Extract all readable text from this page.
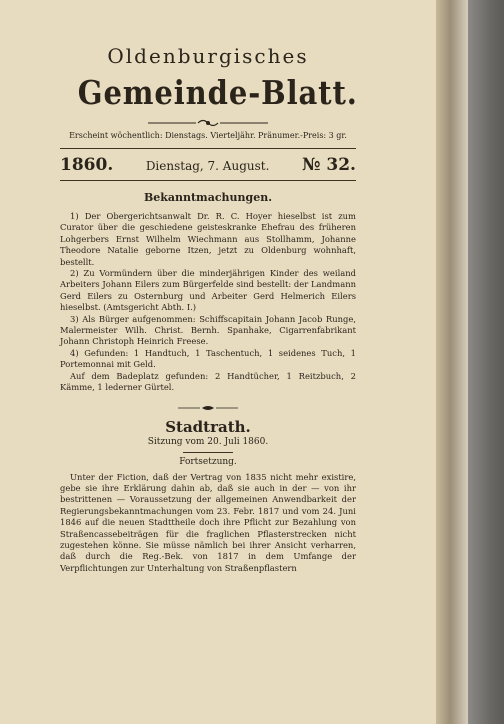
Oldenburgisches
Gemeinde-Blatt.
Erscheint wöchentlich: Dienstags. Vierteljähr. Pränumer.-Preis: 3 gr.
1860.	Dienstag, 7. August. № 32.
Bekanntmachungen.

1) Der Obergerichtsanwalt Dr. R. C. Hoyer hieselbst ist zum Curator über die geschiedene geisteskranke Ehefrau des früheren Lohgerbers Ernst Wilhelm Wiechmann aus Stollhamm, Johanne Theodore Natalie geborne Itzen, jetzt zu Oldenburg wohnhaft, bestellt.

2) Zu Vormündern über die minderjährigen Kinder des weiland Arbeiters Johann Eilers zum Bürgerfelde sind bestellt: der Landmann Gerd Eilers zu Osternburg und Arbeiter Gerd Helmerich Eilers hieselbst. (Amtsgericht Abth. I.)

3) Als Bürger aufgenommen: Schiffscapitain Johann Jacob Runge, Malermeister Wilh. Christ. Bernh. Spanhake, Cigarrenfabrikant Johann Christoph Heinrich Freese.

4) Gefunden: 1 Handtuch, 1 Taschentuch, 1 seidenes Tuch, 1 Portemonnai mit Geld.

Auf dem Badeplatz gefunden: 2 Handtücher, 1 Reitzbuch, 2 Kämme, 1 lederner Gürtel.

Stadtrath.
Sitzung vom 20. Juli 1860.
Fortsetzung.

Unter der Fiction, daß der Vertrag von 1835 nicht mehr existire, gebe sie ihre Erklärung dahin ab, daß sie auch in der — von ihr bestrittenen — Voraussetzung der allgemeinen Anwendbarkeit der Regierungsbekanntmachungen vom 23. Febr. 1817 und vom 24. Juni 1846 auf die neuen Stadttheile doch ihre Pflicht zur Bezahlung von Straßencassebeiträgen für die fraglichen Pflasterstrecken nicht zugestehen könne. Sie müsse nämlich bei ihrer Ansicht verharren, daß durch die Reg.-Bek. von 1817 in dem Umfange der Verpflichtungen zur Unterhaltung von Straßenpflastern
